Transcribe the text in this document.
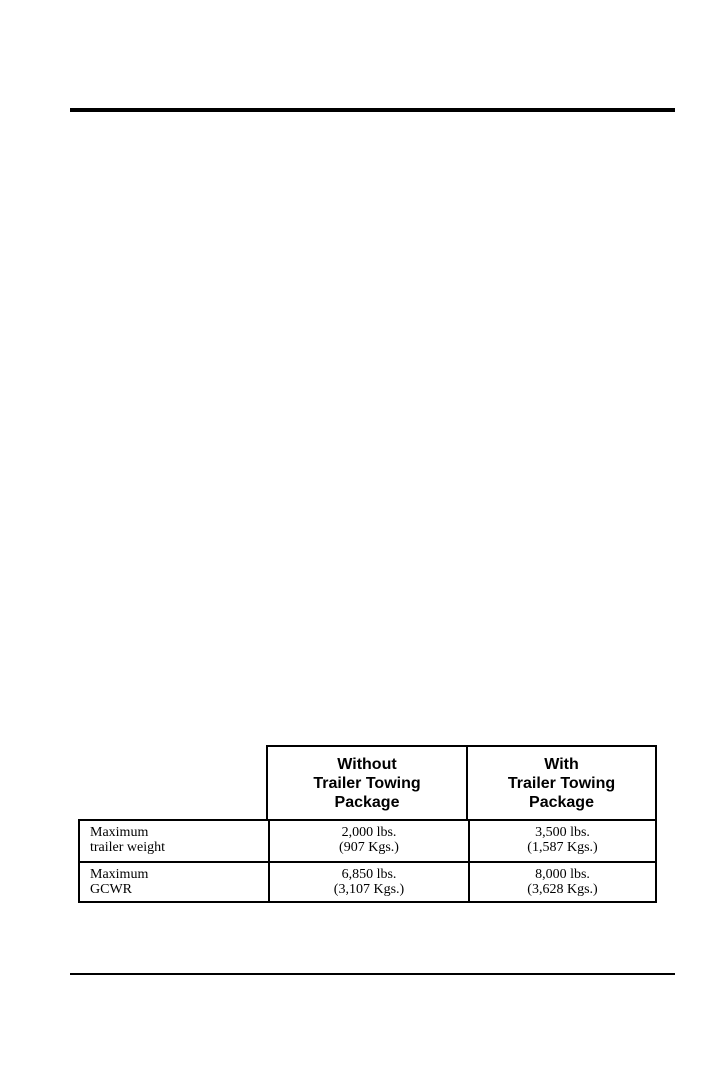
Without
Trailer Towing
Package
With
Trailer Towing
Package
Maximum
trailer weight
2,000 lbs.
(907 Kgs.)
3,500 lbs.
(1,587 Kgs.)
Maximum
GCWR
6,850 lbs.
(3,107 Kgs.)
8,000 lbs.
(3,628 Kgs.)
